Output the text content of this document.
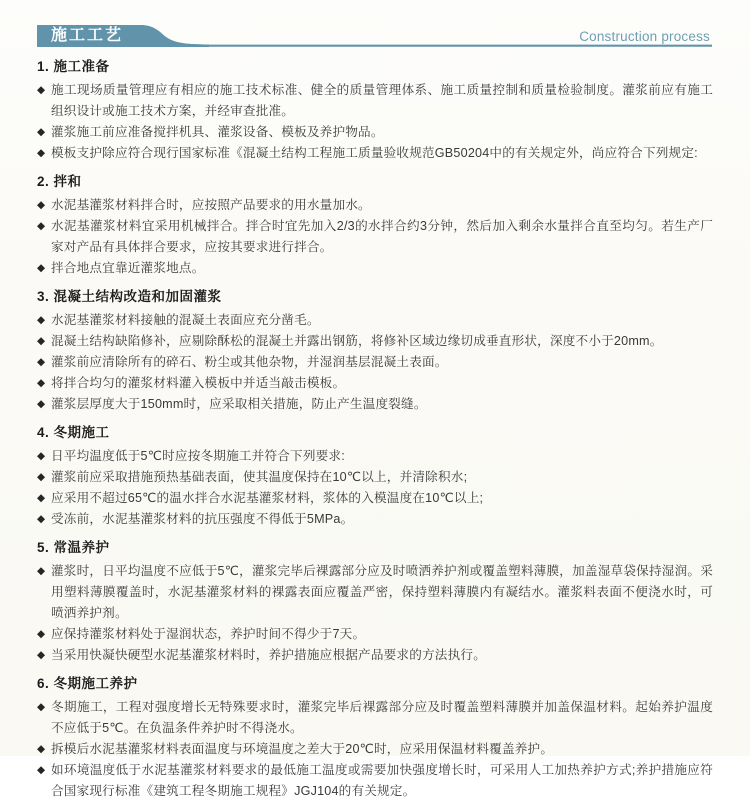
施工工艺	Construction process
1. 施工准备
◆ 施工现场质量管理应有相应的施工技术标准、健全的质量管理体系、施工质量控制和质量检验制度。灌浆前应有施工组织设计或施工技术方案，并经审查批准。
◆ 灌浆施工前应准备搅拌机具、灌浆设备、模板及养护物品。
◆ 模板支护除应符合现行国家标准《混凝土结构工程施工质量验收规范GB50204中的有关规定外，尚应符合下列规定:
2. 拌和
◆ 水泥基灌浆材料拌合时，应按照产品要求的用水量加水。
◆ 水泥基灌浆材料宜采用机械拌合。拌合时宜先加入2/3的水拌合约3分钟，然后加入剩余水量拌合直至均匀。若生产厂家对产品有具体拌合要求，应按其要求进行拌合。
◆ 拌合地点宜靠近灌浆地点。
3. 混凝土结构改造和加固灌浆
◆ 水泥基灌浆材料接触的混凝土表面应充分凿毛。
◆ 混凝土结构缺陷修补，应剔除酥松的混凝土并露出钢筋，将修补区域边缘切成垂直形状，深度不小于20mm。
◆ 灌浆前应清除所有的碎石、粉尘或其他杂物，并湿润基层混凝土表面。
◆ 将拌合均匀的灌浆材料灌入模板中并适当敲击模板。
◆ 灌浆层厚度大于150mm时，应采取相关措施，防止产生温度裂缝。
4. 冬期施工
◆ 日平均温度低于5℃时应按冬期施工并符合下列要求:
◆ 灌浆前应采取措施预热基础表面，使其温度保持在10℃以上，并清除积水;
◆ 应采用不超过65℃的温水拌合水泥基灌浆材料，浆体的入模温度在10℃以上;
◆ 受冻前，水泥基灌浆材料的抗压强度不得低于5MPa。
5. 常温养护
◆ 灌浆时，日平均温度不应低于5℃，灌浆完毕后裸露部分应及时喷洒养护剂或覆盖塑料薄膜，加盖湿草袋保持湿润。采用塑料薄膜覆盖时，水泥基灌浆材料的裸露表面应覆盖严密，保持塑料薄膜内有凝结水。灌浆料表面不便浇水时，可喷洒养护剂。
◆ 应保持灌浆材料处于湿润状态，养护时间不得少于7天。
◆ 当采用快凝快硬型水泥基灌浆材料时，养护措施应根据产品要求的方法执行。
6. 冬期施工养护
◆ 冬期施工，工程对强度增长无特殊要求时，灌浆完毕后裸露部分应及时覆盖塑料薄膜并加盖保温材料。起始养护温度不应低于5℃。在负温条件养护时不得浇水。
◆ 拆模后水泥基灌浆材料表面温度与环境温度之差大于20℃时，应采用保温材料覆盖养护。
◆ 如环境温度低于水泥基灌浆材料要求的最低施工温度或需要加快强度增长时，可采用人工加热养护方式;养护措施应符合国家现行标准《建筑工程冬期施工规程》JGJ104的有关规定。
